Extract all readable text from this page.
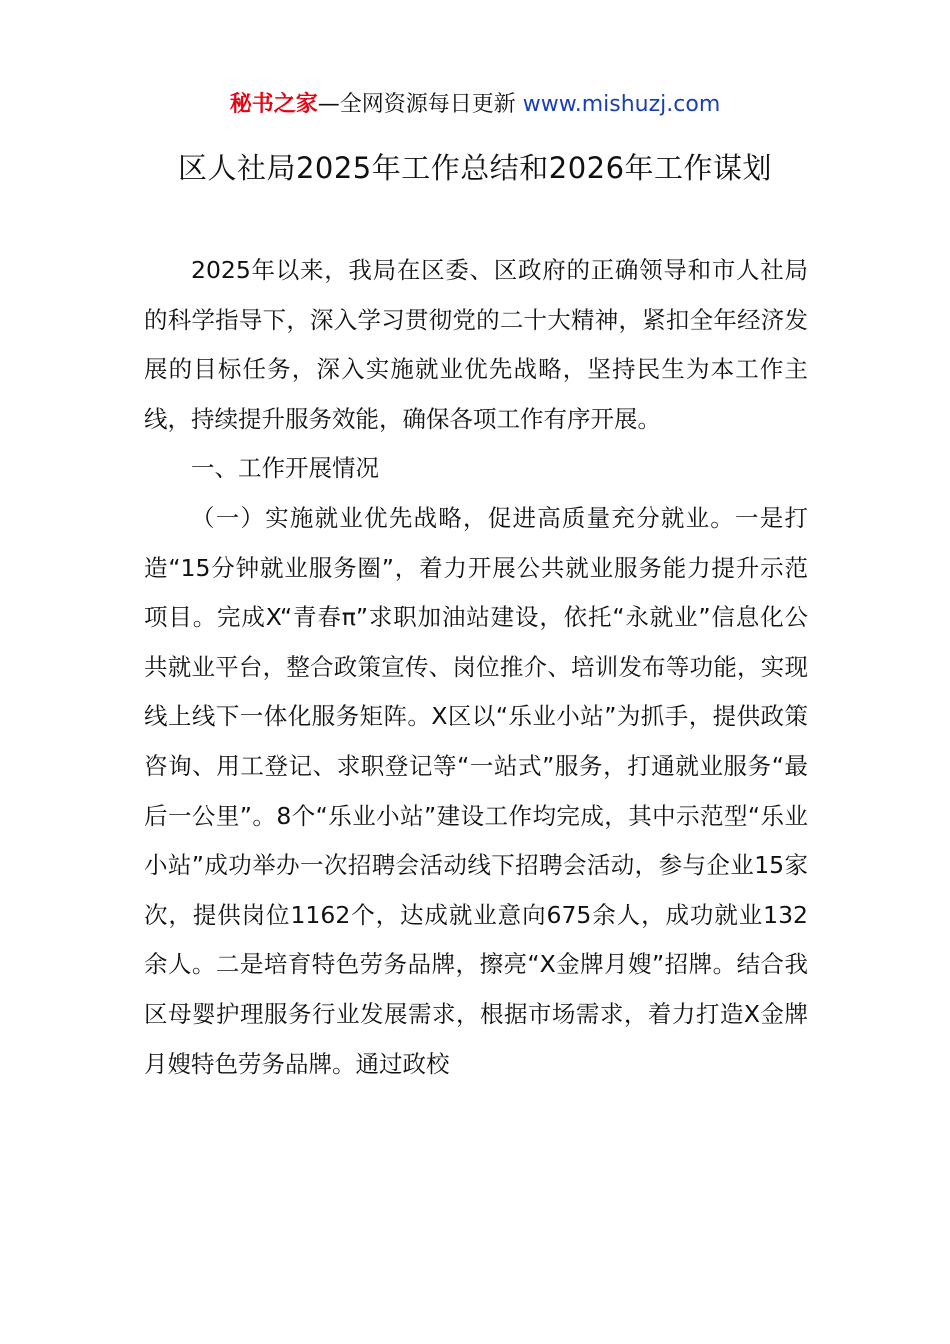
秘书之家—全网资源每日更新 www.mishuzj.com
区人社局2025年工作总结和2026年工作谋划

2025年以来，我局在区委、区政府的正确领导和市人社局的科学指导下，深入学习贯彻党的二十大精神，紧扣全年经济发展的目标任务，深入实施就业优先战略，坚持民生为本工作主线，持续提升服务效能，确保各项工作有序开展。

一、工作开展情况

（一）实施就业优先战略，促进高质量充分就业。一是打造“15分钟就业服务圈”，着力开展公共就业服务能力提升示范项目。完成X“青春π”求职加油站建设，依托“永就业”信息化公共就业平台，整合政策宣传、岗位推介、培训发布等功能，实现线上线下一体化服务矩阵。X区以“乐业小站”为抓手，提供政策咨询、用工登记、求职登记等“一站式”服务，打通就业服务“最后一公里”。8个“乐业小站”建设工作均完成，其中示范型“乐业小站”成功举办一次招聘会活动线下招聘会活动，参与企业15家次，提供岗位1162个，达成就业意向675余人，成功就业132余人。二是培育特色劳务品牌，擦亮“X金牌月嫂”招牌。结合我区母婴护理服务行业发展需求，根据市场需求，着力打造X金牌月嫂特色劳务品牌。通过政校
